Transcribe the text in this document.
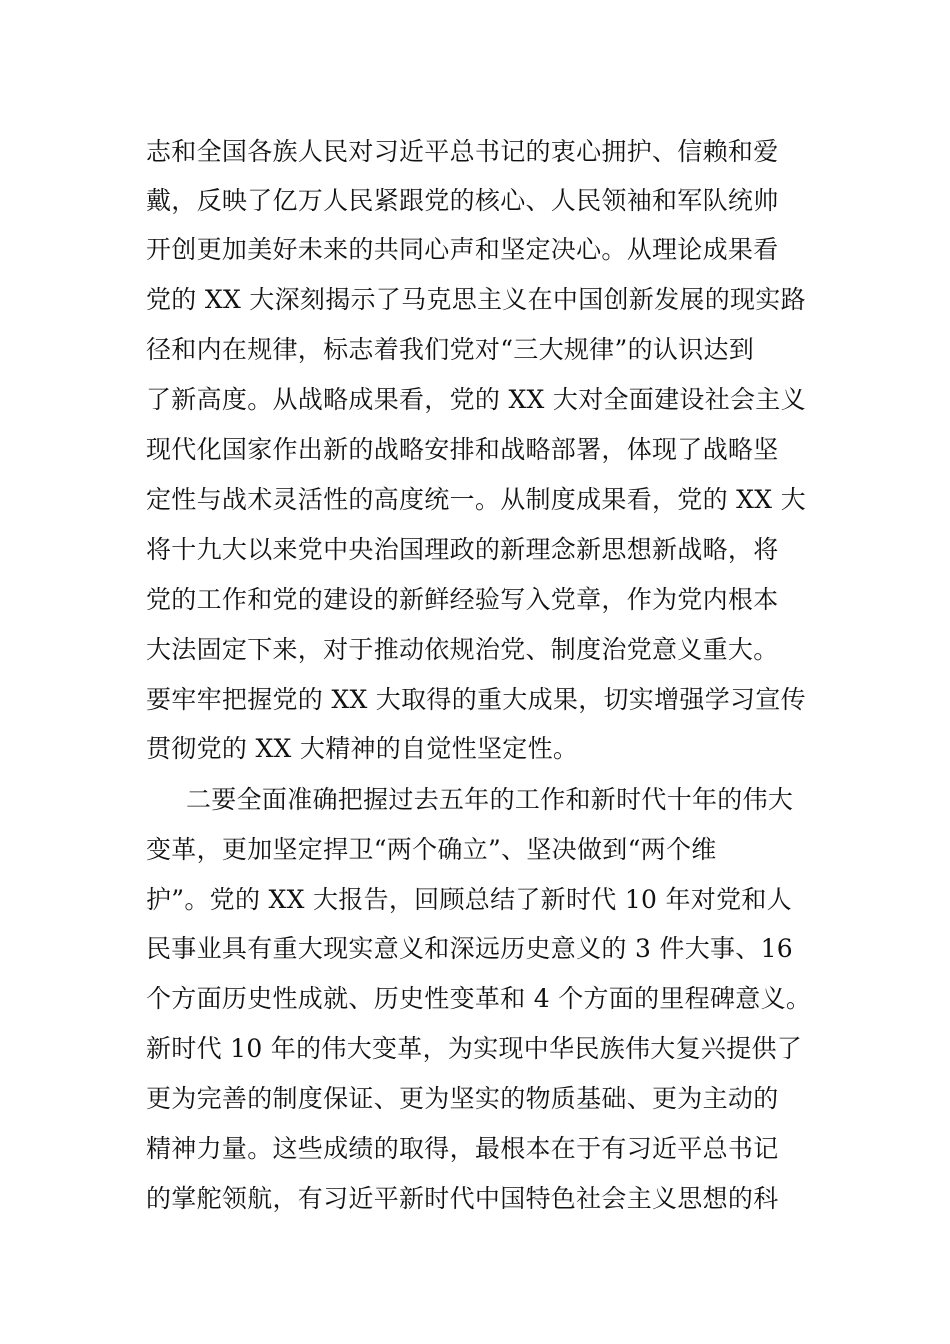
志和全国各族人民对习近平总书记的衷心拥护、信赖和爱
戴，反映了亿万人民紧跟党的核心、人民领袖和军队统帅
开创更加美好未来的共同心声和坚定决心。从理论成果看
党的 XX 大深刻揭示了马克思主义在中国创新发展的现实路
径和内在规律，标志着我们党对“三大规律”的认识达到
了新高度。从战略成果看，党的 XX 大对全面建设社会主义
现代化国家作出新的战略安排和战略部署，体现了战略坚
定性与战术灵活性的高度统一。从制度成果看，党的 XX 大
将十九大以来党中央治国理政的新理念新思想新战略，将
党的工作和党的建设的新鲜经验写入党章，作为党内根本
大法固定下来，对于推动依规治党、制度治党意义重大。
要牢牢把握党的 XX 大取得的重大成果，切实增强学习宣传
贯彻党的 XX 大精神的自觉性坚定性。
二要全面准确把握过去五年的工作和新时代十年的伟大
变革，更加坚定捍卫“两个确立”、坚决做到“两个维
护”。党的 XX 大报告，回顾总结了新时代 10 年对党和人
民事业具有重大现实意义和深远历史意义的 3 件大事、16
个方面历史性成就、历史性变革和 4 个方面的里程碑意义。
新时代 10 年的伟大变革，为实现中华民族伟大复兴提供了
更为完善的制度保证、更为坚实的物质基础、更为主动的
精神力量。这些成绩的取得，最根本在于有习近平总书记
的掌舵领航，有习近平新时代中国特色社会主义思想的科
